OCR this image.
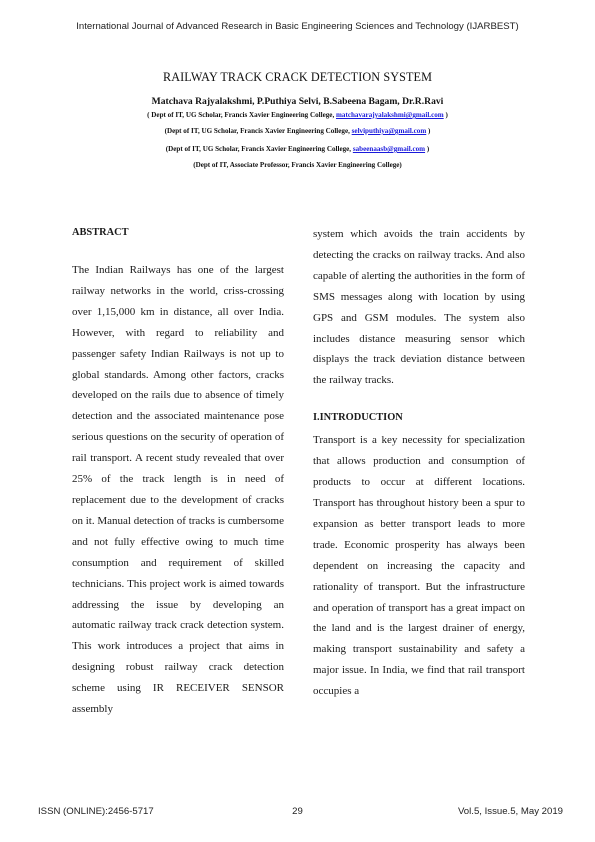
International Journal of Advanced Research in Basic Engineering Sciences and Technology (IJARBEST)
RAILWAY TRACK CRACK DETECTION SYSTEM
Matchava Rajyalakshmi, P.Puthiya Selvi, B.Sabeena Bagam, Dr.R.Ravi
( Dept of IT, UG Scholar, Francis Xavier Engineering College, matchavarajyalakshmi@gmail.com )
(Dept of IT, UG Scholar, Francis Xavier Engineering College, selviputhiya@gmail.com )
(Dept of IT, UG Scholar, Francis Xavier Engineering College, sabeenaasb@gmail.com )
(Dept of IT, Associate Professor, Francis Xavier Engineering College)
ABSTRACT

The Indian Railways has one of the largest railway networks in the world, criss-crossing over 1,15,000 km in distance, all over India. However, with regard to reliability and passenger safety Indian Railways is not up to global standards. Among other factors, cracks developed on the rails due to absence of timely detection and the associated maintenance pose serious questions on the security of operation of rail transport. A recent study revealed that over 25% of the track length is in need of replacement due to the development of cracks on it. Manual detection of tracks is cumbersome and not fully effective owing to much time consumption and requirement of skilled technicians. This project work is aimed towards addressing the issue by developing an automatic railway track crack detection system. This work introduces a project that aims in designing robust railway crack detection scheme using IR RECEIVER SENSOR assembly

system which avoids the train accidents by detecting the cracks on railway tracks. And also capable of alerting the authorities in the form of SMS messages along with location by using GPS and GSM modules. The system also includes distance measuring sensor which displays the track deviation distance between the railway tracks.

I.INTRODUCTION

Transport is a key necessity for specialization that allows production and consumption of products to occur at different locations. Transport has throughout history been a spur to expansion as better transport leads to more trade. Economic prosperity has always been dependent on increasing the capacity and rationality of transport. But the infrastructure and operation of transport has a great impact on the land and is the largest drainer of energy, making transport sustainability and safety a major issue. In India, we find that rail transport occupies a

ISSN (ONLINE):2456-5717	29	Vol.5, Issue.5, May 2019
